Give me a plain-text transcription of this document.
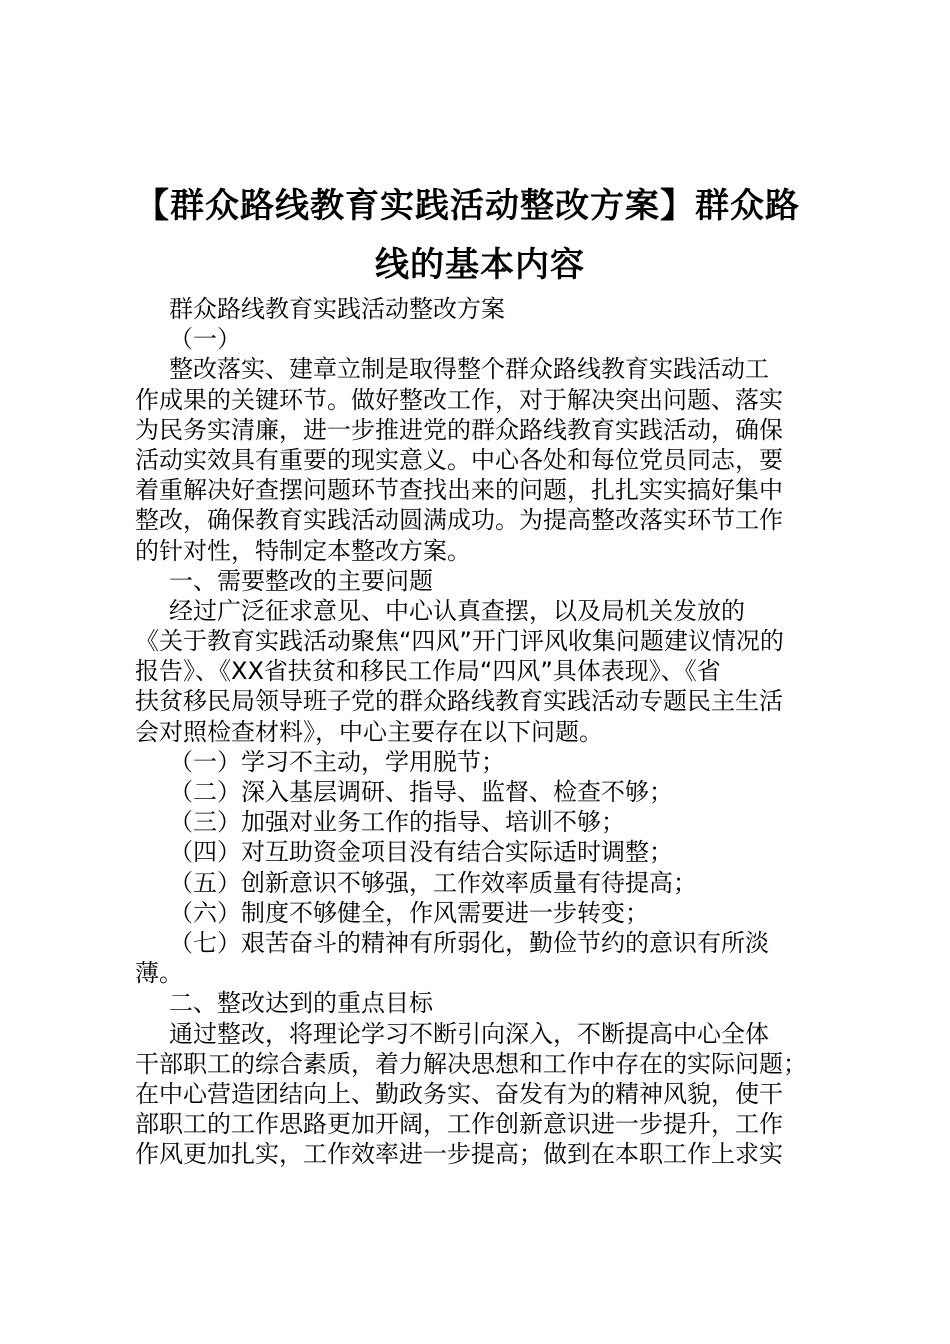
【群众路线教育实践活动整改方案】群众路
线的基本内容
群众路线教育实践活动整改方案
（一）
整改落实、建章立制是取得整个群众路线教育实践活动工
作成果的关键环节。做好整改工作，对于解决突出问题、落实
为民务实清廉，进一步推进党的群众路线教育实践活动，确保
活动实效具有重要的现实意义。中心各处和每位党员同志，要
着重解决好查摆问题环节查找出来的问题，扎扎实实搞好集中
整改，确保教育实践活动圆满成功。为提高整改落实环节工作
的针对性，特制定本整改方案。
一、需要整改的主要问题
经过广泛征求意见、中心认真查摆，以及局机关发放的
《关于教育实践活动聚焦“四风”开门评风收集问题建议情况的
报告》、《XX省扶贫和移民工作局“四风”具体表现》、《省
扶贫移民局领导班子党的群众路线教育实践活动专题民主生活
会对照检查材料》，中心主要存在以下问题。
（一）学习不主动，学用脱节；
（二）深入基层调研、指导、监督、检查不够；
（三）加强对业务工作的指导、培训不够；
（四）对互助资金项目没有结合实际适时调整；
（五）创新意识不够强，工作效率质量有待提高；
（六）制度不够健全，作风需要进一步转变；
（七）艰苦奋斗的精神有所弱化，勤俭节约的意识有所淡
薄。
二、整改达到的重点目标
通过整改，将理论学习不断引向深入，不断提高中心全体
干部职工的综合素质，着力解决思想和工作中存在的实际问题；
在中心营造团结向上、勤政务实、奋发有为的精神风貌，使干
部职工的工作思路更加开阔，工作创新意识进一步提升，工作
作风更加扎实，工作效率进一步提高；做到在本职工作上求实
